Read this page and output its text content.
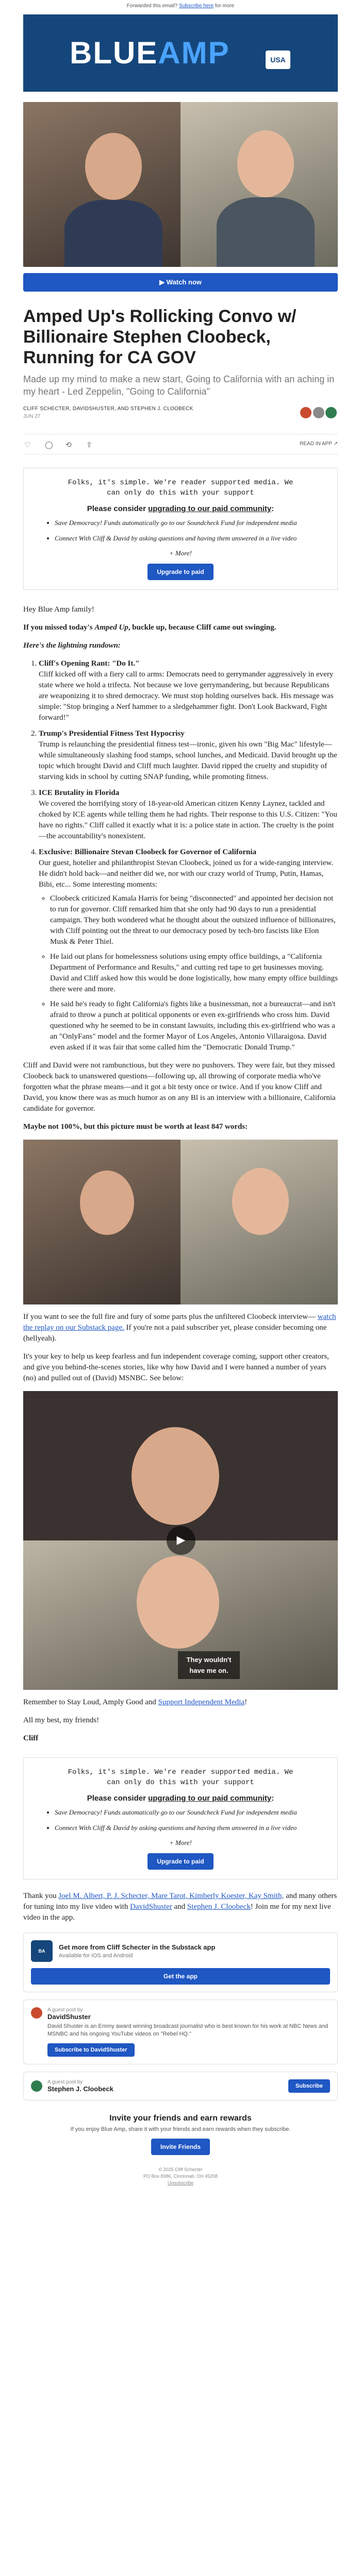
Forwarded this email? Subscribe here for more
BLUEAMP	USA
▶ Watch now
Amped Up's Rollicking Convo w/ Billionaire Stephen Cloobeck, Running for CA GOV
Made up my mind to make a new start, Going to California with an aching in my heart - Led Zeppelin, "Going to California"
CLIFF SCHECTER, DAVIDSHUSTER, AND STEPHEN J. CLOOBECK
JUN 27

♡ ◯ ⟲ ⇪	READ IN APP ↗
Folks, it's simple. We're reader supported media. We
can only do this with your support
Please consider upgrading to our paid community:
• Save Democracy! Funds automatically go to our Soundcheck Fund for independent media
• Connect With Cliff & David by asking questions and having them answered in a live video
+ More!
Upgrade to paid

Hey Blue Amp family!

If you missed today's Amped Up, buckle up, because Cliff came out swinging.

Here's the lightning rundown:

1. Cliff's Opening Rant: "Do It."
Cliff kicked off with a fiery call to arms: Democrats need to gerrymander aggressively in every state where we hold a trifecta. Not because we love gerrymandering, but because Republicans are weaponizing it to shred democracy. We must stop holding ourselves back. His message was simple: "Stop bringing a Nerf hammer to a sledgehammer fight. Don't Look Backward, Fight forward!"
2. Trump's Presidential Fitness Test Hypocrisy
Trump is relaunching the presidential fitness test—ironic, given his own "Big Mac" lifestyle—while simultaneously slashing food stamps, school lunches, and Medicaid. David brought up the topic which brought David and Cliff much laughter. David ripped the cruelty and stupidity of starving kids in school by cutting SNAP funding, while promoting fitness.
3. ICE Brutality in Florida
We covered the horrifying story of 18-year-old American citizen Kenny Laynez, tackled and choked by ICE agents while telling them he had rights. Their response to this U.S. Citizen: "You have no rights." Cliff called it exactly what it is: a police state in action. The cruelty is the point—the accountability's nonexistent.
4. Exclusive: Billionaire Stevan Cloobeck for Governor of California
Our guest, hotelier and philanthropist Stevan Cloobeck, joined us for a wide-ranging interview. He didn't hold back—and neither did we, nor with our crazy world of Trump, Putin, Hamas, Bibi, etc... Some interesting moments:
◦ Cloobeck criticized Kamala Harris for being "disconnected" and appointed her decision not to run for governor. Cliff remarked him that she only had 90 days to run a presidential campaign. They both wondered what he thought about the outsized influence of billionaires, with Cliff pointing out the threat to our democracy posed by tech-bro fascists like Elon Musk & Peter Thiel.
◦ He laid out plans for homelessness solutions using empty office buildings, a "California Department of Performance and Results," and cutting red tape to get businesses moving. David and Cliff asked how this would be done logistically, how many empty office buildings there were and more.
◦ He said he's ready to fight California's fights like a businessman, not a bureaucrat—and isn't afraid to throw a punch at political opponents or even ex-girlfriends who cross him. David questioned why he seemed to be in constant lawsuits, including this ex-girlfriend who was a an "OnlyFans" model and the former Mayor of Los Angeles, Antonio Villaraigosa. David even asked if it was fair that some called him the "Democratic Donald Trump."

Cliff and David were not rambunctious, but they were no pushovers. They were fair, but they missed Cloobeck back to unanswered questions—following up, all throwing of corporate media who've forgotten what the phrase means—and it got a bit testy once or twice. And if you know Cliff and David, you know there was as much humor as on any Bl is an interview with a billionaire, California candidate for governor.

Maybe not 100%, but this picture must be worth at least 847 words:

If you want to see the full fire and fury of some parts plus the unfiltered Cloobeck interview— watch the replay on our Substack page. If you're not a paid subscriber yet, please consider becoming one (hellyeah).

It's your key to help us keep fearless and fun independent coverage coming, support other creators, and give you behind-the-scenes stories, like why how David and I were banned a number of years (no) and pulled out of (David) MSNBC. See below:

▶
They wouldn't have me on.

Remember to Stay Loud, Amply Good and Support Independent Media!

All my best, my friends!

Cliff

Folks, it's simple. We're reader supported media. We
can only do this with your support
Please consider upgrading to our paid community:
• Save Democracy! Funds automatically go to our Soundcheck Fund for independent media
• Connect With Cliff & David by asking questions and having them answered in a live video
+ More!
Upgrade to paid

Thank you Joel M. Albert, P. J. Schecter, Mare Tarot, Kimberly Koester, Kay Smith, and many others for tuning into my live video with DavidShuster and Stephen J. Cloobeck! Join me for my next live video in the app.

BA	Get more from Cliff Schecter in the Substack app
Available for iOS and Android
Get the app
A guest post by
DavidShuster
David Shuster is an Emmy award winning broadcast journalist who is best known for his work at NBC News and MSNBC and his ongoing YouTube videos on "Rebel HQ."
Subscribe to DavidShuster
A guest post by
Stephen J. Cloobeck	Subscribe
Invite your friends and earn rewards
If you enjoy Blue Amp, share it with your friends and earn rewards when they subscribe.
Invite Friends
© 2025 Cliff Schecter
PO Box 8386, Cincinnati, OH 45208
Unsubscribe
